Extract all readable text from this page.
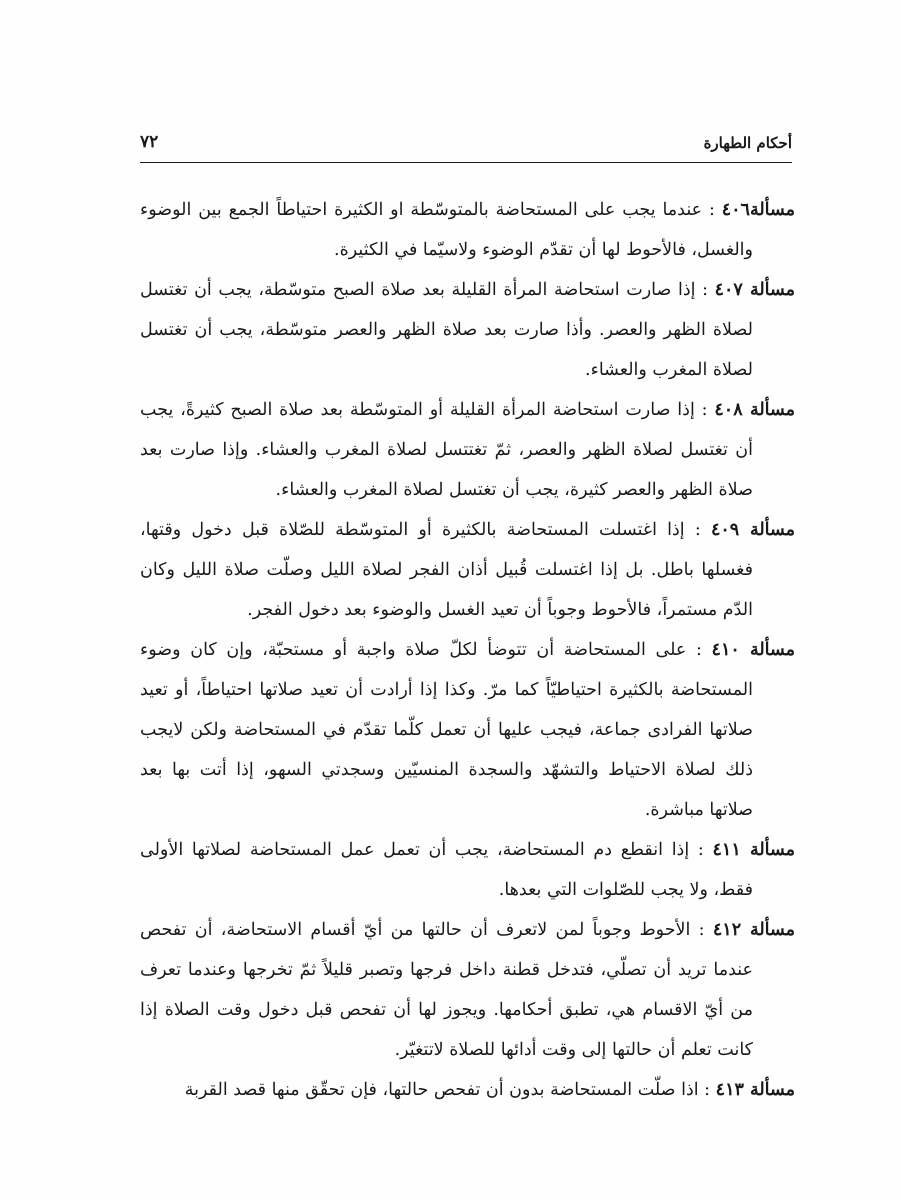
أحكام الطهارة
٧٢

مسألة٤٠٦ : عندما يجب على المستحاضة بالمتوسّطة او الكثيرة احتياطاً الجمع بين الوضوء والغسل، فالأحوط لها أن تقدّم الوضوء ولاسيّما في الكثيرة.

مسألة ٤٠٧ : إذا صارت استحاضة المرأة القليلة بعد صلاة الصبح متوسّطة، يجب أن تغتسل لصلاة الظهر والعصر. وأذا صارت بعد صلاة الظهر والعصر متوسّطة، يجب أن تغتسل لصلاة المغرب والعشاء.

مسألة ٤٠٨ : إذا صارت استحاضة المرأة القليلة أو المتوسّطة بعد صلاة الصبح كثيرةً، يجب أن تغتسل لصلاة الظهر والعصر، ثمّ تغتتسل لصلاة المغرب والعشاء. وإذا صارت بعد صلاة الظهر والعصر كثيرة، يجب أن تغتسل لصلاة المغرب والعشاء.

مسألة ٤٠٩ : إذا اغتسلت المستحاضة بالكثيرة أو المتوسّطة للصّلاة قبل دخول وقتها، فغسلها باطل. بل إذا اغتسلت قُبيل أذان الفجر لصلاة الليل وصلّت صلاة الليل وكان الدّم مستمراً، فالأحوط وجوباً أن تعيد الغسل والوضوء بعد دخول الفجر.

مسألة ٤١٠ : على المستحاضة أن تتوضأ لكلّ صلاة واجبة أو مستحبّة، وإن كان وضوء المستحاضة بالكثيرة احتياطيّاً كما مرّ. وكذا إذا أرادت أن تعيد صلاتها احتياطاً، أو تعيد صلاتها الفرادى جماعة، فيجب عليها أن تعمل كلّما تقدّم في المستحاضة ولكن لايجب ذلك لصلاة الاحتياط والتشهّد والسجدة المنسيّين وسجدتي السهو، إذا أتت بها بعد صلاتها مباشرة.

مسألة ٤١١ : إذا انقطع دم المستحاضة، يجب أن تعمل عمل المستحاضة لصلاتها الأولى فقط، ولا يجب للصّلوات التي بعدها.

مسألة ٤١٢ : الأحوط وجوباً لمن لاتعرف أن حالتها من أيّ أقسام الاستحاضة، أن تفحص عندما تريد أن تصلّي، فتدخل قطنة داخل فرجها وتصبر قليلاً ثمّ تخرجها وعندما تعرف من أيّ الاقسام هي، تطبق أحكامها. ويجوز لها أن تفحص قبل دخول وقت الصلاة إذا كانت تعلم أن حالتها إلى وقت أدائها للصلاة لاتتغيّر.

مسألة ٤١٣ : اذا صلّت المستحاضة بدون أن تفحص حالتها، فإن تحقّق منها قصد القربة
